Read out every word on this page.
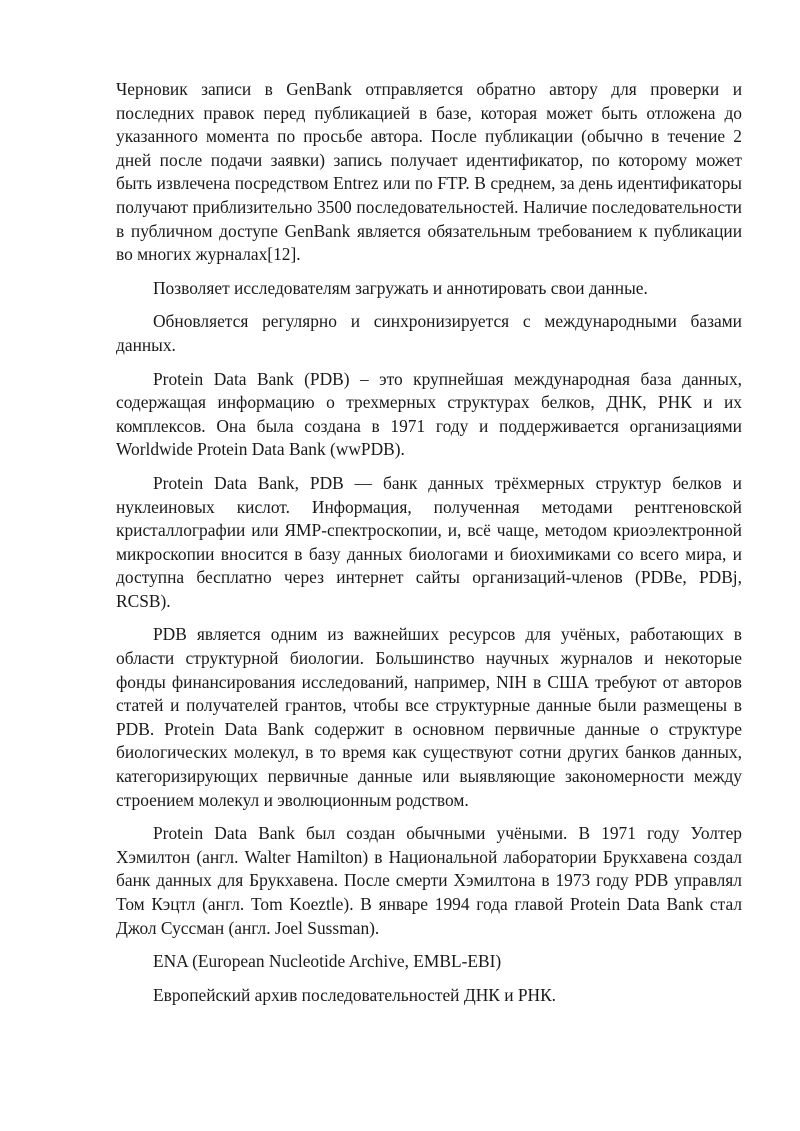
Черновик записи в GenBank отправляется обратно автору для проверки и последних правок перед публикацией в базе, которая может быть отложена до указанного момента по просьбе автора. После публикации (обычно в течение 2 дней после подачи заявки) запись получает идентификатор, по которому может быть извлечена посредством Entrez или по FTP. В среднем, за день идентификаторы получают приблизительно 3500 последовательностей. Наличие последовательности в публичном доступе GenBank является обязательным требованием к публикации во многих журналах[12].

Позволяет исследователям загружать и аннотировать свои данные.

Обновляется регулярно и синхронизируется с международными базами данных.

Protein Data Bank (PDB) – это крупнейшая международная база данных, содержащая информацию о трехмерных структурах белков, ДНК, РНК и их комплексов. Она была создана в 1971 году и поддерживается организациями Worldwide Protein Data Bank (wwPDB).

Protein Data Bank, PDB — банк данных трёхмерных структур белков и нуклеиновых кислот. Информация, полученная методами рентгеновской кристаллографии или ЯМР-спектроскопии, и, всё чаще, методом криоэлектронной микроскопии вносится в базу данных биологами и биохимиками со всего мира, и доступна бесплатно через интернет сайты организаций-членов (PDBe, PDBj, RCSB).

PDB является одним из важнейших ресурсов для учёных, работающих в области структурной биологии. Большинство научных журналов и некоторые фонды финансирования исследований, например, NIH в США требуют от авторов статей и получателей грантов, чтобы все структурные данные были размещены в PDB. Protein Data Bank содержит в основном первичные данные о структуре биологических молекул, в то время как существуют сотни других банков данных, категоризирующих первичные данные или выявляющие закономерности между строением молекул и эволюционным родством.

Protein Data Bank был создан обычными учёными. В 1971 году Уолтер Хэмилтон (англ. Walter Hamilton) в Национальной лаборатории Брукхавена создал банк данных для Брукхавена. После смерти Хэмилтона в 1973 году PDB управлял Том Кэцтл (англ. Tom Koeztle). В январе 1994 года главой Protein Data Bank стал Джол Суссман (англ. Joel Sussman).

ENA (European Nucleotide Archive, EMBL-EBI)

Европейский архив последовательностей ДНК и РНК.
